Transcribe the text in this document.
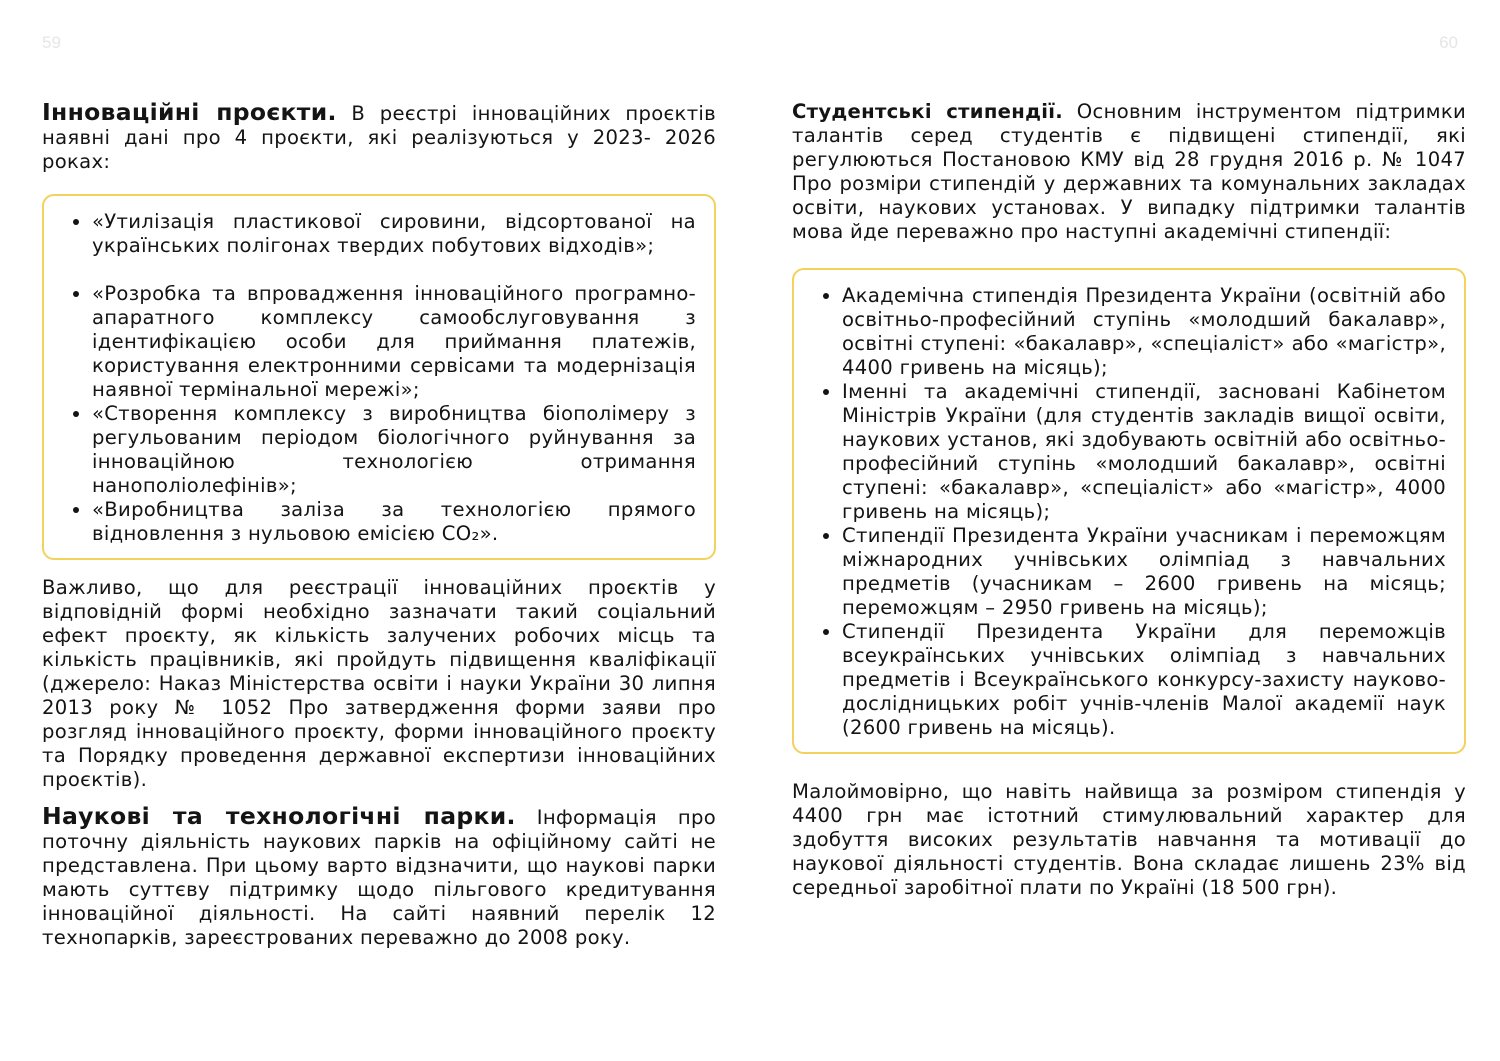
59	60

Інноваційні проєкти. В реєстрі інноваційних проєктів наявні дані про 4 проєкти, які реалізуються у 2023- 2026 роках:

• «Утилізація пластикової сировини, відсортованої на українських полігонах твердих побутових відходів»;
• «Розробка та впровадження інноваційного програмно-апаратного комплексу самообслуговування з ідентифікацією особи для приймання платежів, користування електронними сервісами та модернізація наявної термінальної мережі»;
• «Створення комплексу з виробництва біополімеру з регульованим періодом біологічного руйнування за інноваційною технологією отримання нанополіолефінів»;
• «Виробництва заліза за технологією прямого відновлення з нульовою емісією CO₂».

Важливо, що для реєстрації інноваційних проєктів у відповідній формі необхідно зазначати такий соціальний ефект проєкту, як кількість залучених робочих місць та кількість працівників, які пройдуть підвищення кваліфікації (джерело: Наказ Міністерства освіти і науки України 30 липня 2013 року № 1052 Про затвердження форми заяви про розгляд інноваційного проєкту, форми інноваційного проєкту та Порядку проведення державної експертизи інноваційних проєктів).

Наукові та технологічні парки. Інформація про поточну діяльність наукових парків на офіційному сайті не представлена. При цьому варто відзначити, що наукові парки мають суттєву підтримку щодо пільгового кредитування інноваційної діяльності. На сайті наявний перелік 12 технопарків, зареєстрованих переважно до 2008 року.

Студентські стипендії. Основним інструментом підтримки талантів серед студентів є підвищені стипендії, які регулюються Постановою КМУ від 28 грудня 2016 р. № 1047 Про розміри стипендій у державних та комунальних закладах освіти, наукових установах. У випадку підтримки талантів мова йде переважно про наступні академічні стипендії:

• Академічна стипендія Президента України (освітній або освітньо-професійний ступінь «молодший бакалавр», освітні ступені: «бакалавр», «спеціаліст» або «магістр», 4400 гривень на місяць);
• Іменні та академічні стипендії, засновані Кабінетом Міністрів України (для студентів закладів вищої освіти, наукових установ, які здобувають освітній або освітньо-професійний ступінь «молодший бакалавр», освітні ступені: «бакалавр», «спеціаліст» або «магістр», 4000 гривень на місяць);
• Стипендії Президента України учасникам і переможцям міжнародних учнівських олімпіад з навчальних предметів (учасникам – 2600 гривень на місяць; переможцям – 2950 гривень на місяць);
• Стипендії Президента України для переможців всеукраїнських учнівських олімпіад з навчальних предметів і Всеукраїнського конкурсу-захисту науково-дослідницьких робіт учнів-членів Малої академії наук (2600 гривень на місяць).

Малоймовірно, що навіть найвища за розміром стипендія у 4400 грн має істотний стимулювальний характер для здобуття високих результатів навчання та мотивації до наукової діяльності студентів. Вона складає лишень 23% від середньої заробітної плати по Україні (18 500 грн).
